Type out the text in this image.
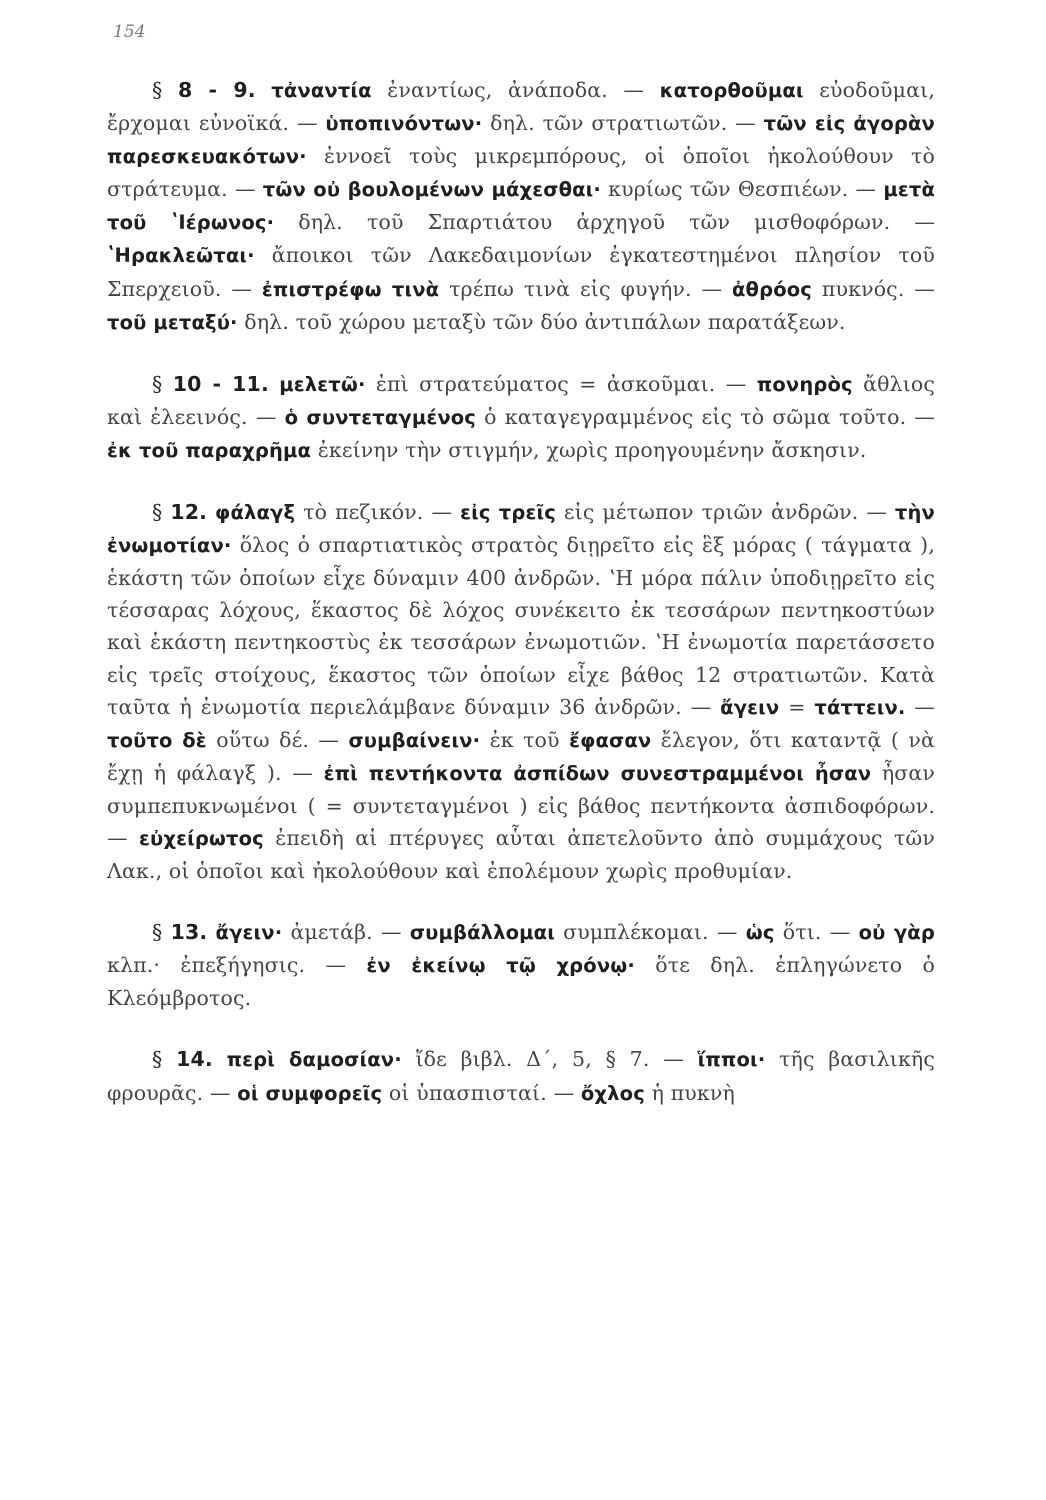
154

§ 8 - 9. τἀναντία ἐναντίως, ἀνάποδα. — κατορθοῦμαι εὐοδοῦμαι, ἔρχομαι εὐνοϊκά. — ὑποπινόντων· δηλ. τῶν στρατιωτῶν. — τῶν εἰς ἀγορὰν παρεσκευακότων· ἐννοεῖ τοὺς μικρεμπόρους, οἱ ὁποῖοι ἠκολούθουν τὸ στράτευμα. — τῶν οὐ βουλομένων μάχεσθαι· κυρίως τῶν Θεσπιέων. — μετὰ τοῦ ʽΙέρωνος· δηλ. τοῦ Σπαρτιάτου ἀρχηγοῦ τῶν μισθοφόρων. — ʽΗρακλεῶται· ἄποικοι τῶν Λακεδαιμονίων ἐγκατεστημένοι πλησίον τοῦ Σπερχειοῦ. — ἐπιστρέφω τινὰ τρέπω τινὰ εἰς φυγήν. — ἀθρόος πυκνός. — τοῦ μεταξύ· δηλ. τοῦ χώρου μεταξὺ τῶν δύο ἀντιπάλων παρατάξεων.

§ 10 - 11. μελετῶ· ἐπὶ στρατεύματος = ἀσκοῦμαι. — πονηρὸς ἄθλιος καὶ ἐλεεινός. — ὁ συντεταγμένος ὁ καταγεγραμμένος εἰς τὸ σῶμα τοῦτο. — ἐκ τοῦ παραχρῆμα ἐκείνην τὴν στιγμήν, χωρὶς προηγουμένην ἄσκησιν.

§ 12. φάλαγξ τὸ πεζικόν. — εἰς τρεῖς εἰς μέτωπον τριῶν ἀνδρῶν. — τὴν ἐνωμοτίαν· ὅλος ὁ σπαρτιατικὸς στρατὸς διῃρεῖτο εἰς ἓξ μόρας ( τάγματα ), ἑκάστη τῶν ὁποίων εἶχε δύναμιν 400 ἀνδρῶν. ʽΗ μόρα πάλιν ὑποδιῃρεῖτο εἰς τέσσαρας λόχους, ἕκαστος δὲ λόχος συνέκειτο ἐκ τεσσάρων πεντηκοστύων καὶ ἑκάστη πεντηκοστὺς ἐκ τεσσάρων ἐνωμοτιῶν. ʽΗ ἐνωμοτία παρετάσσετο εἰς τρεῖς στοίχους, ἕκαστος τῶν ὁποίων εἶχε βάθος 12 στρατιωτῶν. Κατὰ ταῦτα ἡ ἐνωμοτία περιελάμβανε δύναμιν 36 ἀνδρῶν. — ἄγειν = τάττειν. — τοῦτο δὲ οὕτω δέ. — συμβαίνειν· ἐκ τοῦ ἔφασαν ἔλεγον, ὅτι καταντᾷ ( νὰ ἔχῃ ἡ φάλαγξ ). — ἐπὶ πεντήκοντα ἀσπίδων συνεστραμμένοι ἦσαν ἦσαν συμπεπυκνωμένοι ( = συντεταγμένοι ) εἰς βάθος πεντήκοντα ἀσπιδοφόρων. — εὐχείρωτος ἐπειδὴ αἱ πτέρυγες αὗται ἀπετελοῦντο ἀπὸ συμμάχους τῶν Λακ., οἱ ὁποῖοι καὶ ἠκολούθουν καὶ ἐπολέμουν χωρὶς προθυμίαν.

§ 13. ἄγειν· ἀμετάβ. — συμβάλλομαι συμπλέκομαι. — ὡς ὅτι. — οὐ γὰρ κλπ.· ἐπεξήγησις. — ἐν ἐκείνῳ τῷ χρόνῳ· ὅτε δηλ. ἐπληγώνετο ὁ Κλεόμβροτος.

§ 14. περὶ δαμοσίαν· ἴδε βιβλ. Δ΄, 5, § 7. — ἵπποι· τῆς βασιλικῆς φρουρᾶς. — οἱ συμφορεῖς οἱ ὑπασπισταί. — ὄχλος ἡ πυκνὴ
